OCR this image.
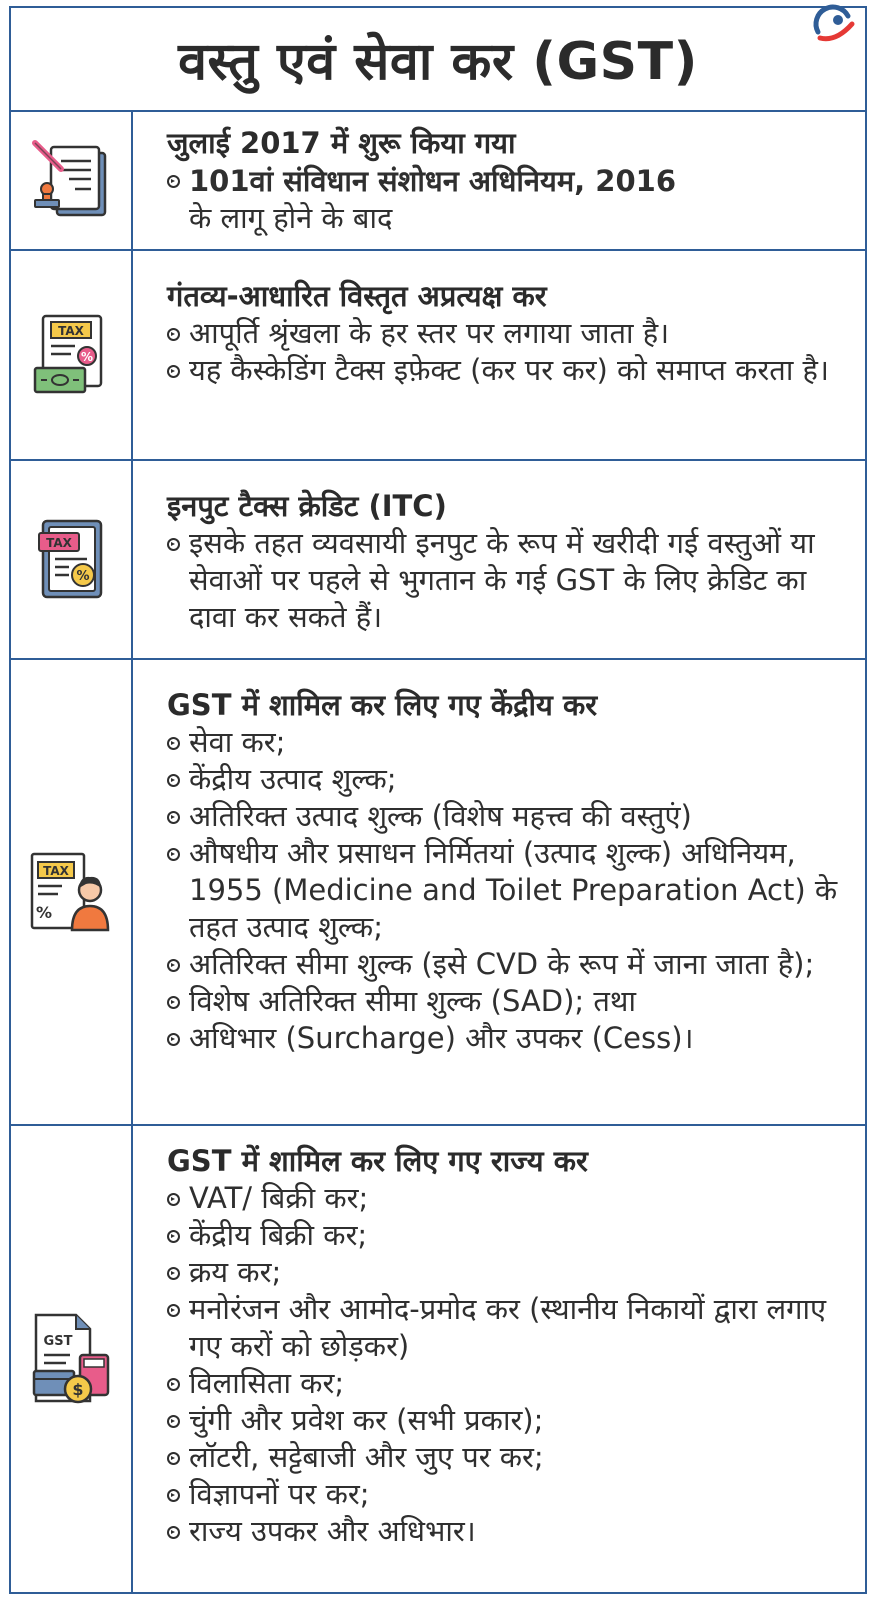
वस्तु एवं सेवा कर (GST)
जुलाई 2017 में शुरू किया गया
101वां संविधान संशोधन अधिनियम, 2016
के लागू होने के बाद
TAX
%
गंतव्य-आधारित विस्तृत अप्रत्यक्ष कर
आपूर्ति श्रृंखला के हर स्तर पर लगाया जाता है।
यह कैस्केडिंग टैक्स इफ़ेक्ट (कर पर कर) को समाप्त करता है।
TAX
%
इनपुट टैक्स क्रेडिट (ITC)
इसके तहत व्यवसायी इनपुट के रूप में खरीदी गई वस्तुओं या सेवाओं पर पहले से भुगतान के गई GST के लिए क्रेडिट का दावा कर सकते हैं।
TAX
%
GST में शामिल कर लिए गए केंद्रीय कर
सेवा कर;
केंद्रीय उत्पाद शुल्क;
अतिरिक्त उत्पाद शुल्क (विशेष महत्त्व की वस्तुएं)
औषधीय और प्रसाधन निर्मितयां (उत्पाद शुल्क) अधिनियम, 1955 (Medicine and Toilet Preparation Act) के तहत उत्पाद शुल्क;
अतिरिक्त सीमा शुल्क (इसे CVD के रूप में जाना जाता है);
विशेष अतिरिक्त सीमा शुल्क (SAD); तथा
अधिभार (Surcharge) और उपकर (Cess)।
GST
$
GST में शामिल कर लिए गए राज्य कर
VAT/ बिक्री कर;
केंद्रीय बिक्री कर;
क्रय कर;
मनोरंजन और आमोद-प्रमोद कर (स्थानीय निकायों द्वारा लगाए गए करों को छोड़कर)
विलासिता कर;
चुंगी और प्रवेश कर (सभी प्रकार);
लॉटरी, सट्टेबाजी और जुए पर कर;
विज्ञापनों पर कर;
राज्य उपकर और अधिभार।
